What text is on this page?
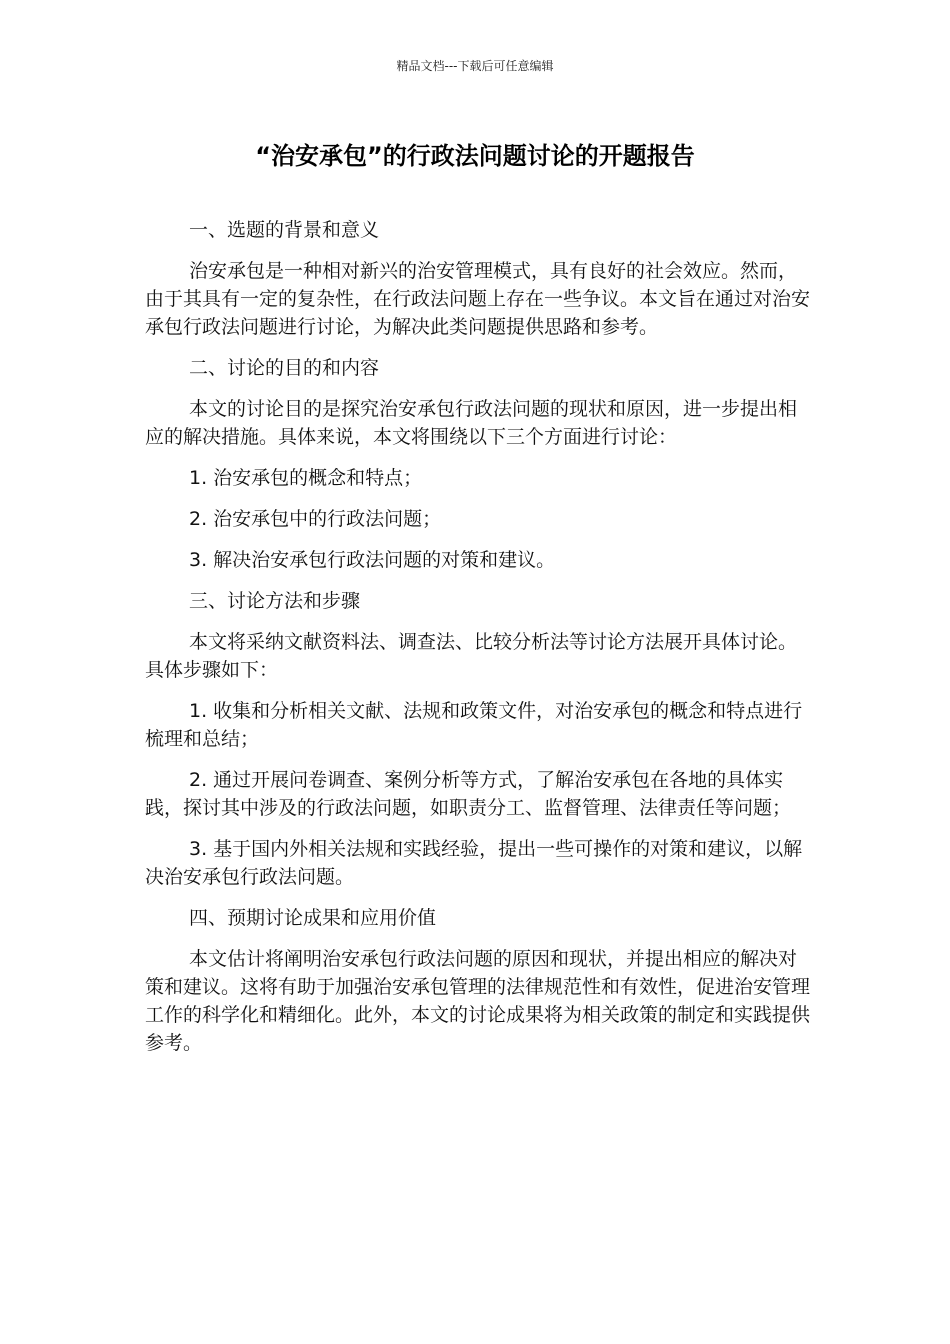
精品文档---下载后可任意编辑
“治安承包”的行政法问题讨论的开题报告

一、选题的背景和意义

治安承包是一种相对新兴的治安管理模式，具有良好的社会效应。然而，由于其具有一定的复杂性，在行政法问题上存在一些争议。本文旨在通过对治安承包行政法问题进行讨论，为解决此类问题提供思路和参考。

二、讨论的目的和内容

本文的讨论目的是探究治安承包行政法问题的现状和原因，进一步提出相应的解决措施。具体来说，本文将围绕以下三个方面进行讨论：

1. 治安承包的概念和特点；

2. 治安承包中的行政法问题；

3. 解决治安承包行政法问题的对策和建议。

三、讨论方法和步骤

本文将采纳文献资料法、调查法、比较分析法等讨论方法展开具体讨论。具体步骤如下：

1. 收集和分析相关文献、法规和政策文件，对治安承包的概念和特点进行梳理和总结；

2. 通过开展问卷调查、案例分析等方式，了解治安承包在各地的具体实践，探讨其中涉及的行政法问题，如职责分工、监督管理、法律责任等问题；

3. 基于国内外相关法规和实践经验，提出一些可操作的对策和建议，以解决治安承包行政法问题。

四、预期讨论成果和应用价值

本文估计将阐明治安承包行政法问题的原因和现状，并提出相应的解决对策和建议。这将有助于加强治安承包管理的法律规范性和有效性，促进治安管理工作的科学化和精细化。此外，本文的讨论成果将为相关政策的制定和实践提供参考。
